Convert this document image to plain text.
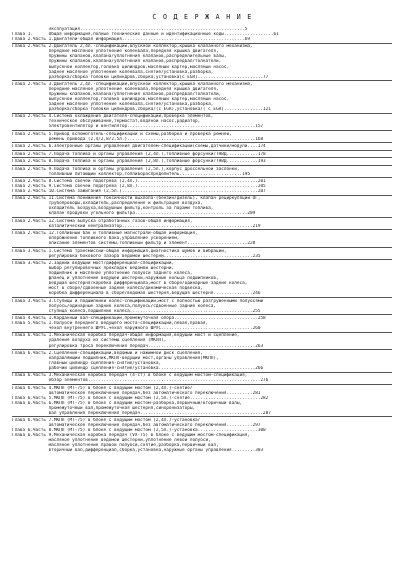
С О Д Е Р Ж А Н И Е
Эксплуатация...............................................................5
Глава 1.      Общая информация,полные технические данные и идентификационные коды...................61
Глава 2.Часть 1.Двигатели-общая информация...............................................69
Глава 2.Часть 2.Двигатель 2,4л.-спецификации,впускной коллектор,крышка клапанного механизма,
передние масляное уплотнение коленвала,передняя крышка двигателя,
пружины клапанов,клапана/уплотнения клапанов,распределительные валы,
пружины клапанов,клапана/уплотнения клапанов,распредвал/толкатели,
выпускной коллектор,головка цилиндров,масляный картер,масляный насос,
заднее масляное уплотнение коленвала,снятие/установка,разборка,
разборка/сборка головки цилиндров,сборка,установка(с EGR).........................77
Глава 2.Часть 3.Двигатель 2,4л.-спецификации,впускной коллектор,крышка клапанного механизма,
передние масляное уплотнение коленвала,передняя крышка двигателя,
пружины клапанов,клапана/уплотнения клапанов,распредвал/толкатели,
выпускной коллектор,головка цилиндров,масляный картер,масляный насос,
заднее масляное уплотнение коленвала,снятие/установка,разборка,
разборка/сборка головки цилиндров,сборка/(с EGR),установка/( с EGR)...............121
Глава 2.Часть 4.Система охлаждения двигателя-спецификации,проверка элементов,
техническое обслуживание,термостат,водяной насос,радиатор,
электровентилятор и вентилятор.................................................157
Глава 2.Часть 5.Привод вспомогатель-спецификации и схемы,разборка и проверка ремней,
ремень привода (2,4/2,8/2,5л.).................................................168
Глава 2.Часть 6.Электронные органы управления двигателем-спецификации(схемы,датчики/модули....174
Глава 2.Часть 7.Подача топлива и органы управления (2,4л.),топливные форсунки/ТНВД............178
Глава 2.Часть 8.Подача топлива и органы управления (2,8л.),топливные форсунки/ТНВД............193
Глава 2.Часть 9.Подача топлива и органы управления (2,5л.),корпус дроссельной заслонки,
топливный питающий коллектор,топливораспределитель........................195
Глава 2.Часть 8.Система свечей подогрева (2,4л.)..............................................201
Глава 2.Часть 9.Система свечей подогрева (2,8л.)..............................................205
Глава 2.Часть 10.Система зажигания (2,5л.)....................................................207
Глава 2.Часть 11.Система понижения токсичности выхлопа-(бензин/дизель), клапан рециркуляции ОГ,
трубопроводы,охладитель,распределение и фильтрация воздуха,
охладитель воздуха,воздушный фильтр,контроль за парами топлива,
клапан продувки угольного фильтра...........................................209
Глава 2.Часть 12.Система выпуска отработанных газов-общая информация,
каталитический нейтрализатор..................................................219
Глава 2.Часть 12.Топливный бак и топливные магистрали-общая информация,
опорожнение топливного бака,управление ускорением,
описание элементов системы,топливный фильтр и элемент.......................228
Глава 3.Часть 1.Система трансмиссии-общая информация,диагностика шумов и вибраций,
регулировка бокового зазора ведомой шестерни..................................235
Глава 3.Часть 2.Задний ведущий мост/дифференциал-спецификации,
выбор регулировочных прокладок ведомой шестерни,
подшипник и масляное уплотнение полуоси заднего колеса,
фланец и уплотнение ведущей шестерни,наружные кольца подшипников,
ведущая шестерня/коробка дифференциала,мост в сборе/одинарные задние колеса,
мост в сборе/сдвоенные задние колеса/динамическая подвеска,
коробка дифференциала в сборе/ведомая шестерня,ведущая шестерня...............246
Глава 3.Часть 3.Ступицы и подшипники колес-спецификации,мост с полностью разгруженными полуосями
полуось/одинарные задние колеса,полуось/сдвоенные задние колеса,
ступица колеса,подшипник колеса...............................................255
Глава 4.Часть 1.Карданный вал-спецификации,промежуточная опора................................258
Глава 5.Часть 1.Полуоси переднего ведущего моста-спецификации,левая,правая,
чехол внутреннего ШРУС,чехол наружного ШРУС...................................260
Глава 6.Часть 1.Механическая коробка передач-общая информация,ведущий мост и сцепление,
удаление воздуха из системы сцепления (МКПП),
регулировка троса переключения передач.........................................263
Глава 6.Часть 2.Сцепление-спецификации,ведомый и нажимной диск сцепления,
направляющий подшипник,МКПП-ведущий мост,органы управления(МКПП),
главный цилиндр сцепления-снятие/установка,
рабочий цилиндр сцепления-снятие/установка.....................................266
Глава 6.Часть 3.Механическая коробка передач (4-ст) в блоке с ведущим мостом-спецификация,
обзор элементов..................................................................276
Глава 6.Часть 4.МКПП (МТ-75) в блоке с ведущим мостом (2,4л.)-снятие/
автоматическое переключение передач,без автоматического переключения..........281
Глава 6.Часть 5.МКПП (МТ-75) в блоке с ведущим мостом (2,5л.)-снятие...........................282
Глава 6.Часть 6.МКПП (МТ-75) в блоке с ведущим мостом-разборка,первичный/вторичный валы,
промежуточный вал,промежуточная шестерня,синхронизаторы,
вал управления переключения передач...............................................287
Глава 6.Часть 7.МКПП (МТ-75) в блоке с ведущим мостом (2,4л.)-установка/
автоматическое переключение передач,без автоматического переключения..........297
Глава 6.Часть 8.МКПП (МТ-75) в блоке с ведущим мостом (2,5л.)-установка.......................300
Глава 6.Часть 9.Механическая коробка передач (VX-75) в блоке с ведущим мостом-спецификация,
масляное уплотнение ведомой шестерни,уплотнение левой полуоси,
масляное уплотнение правой полуоси,снятие,разборка,первичный вал,
вторичный вал,дифференциал,сборка,установка,наружные органы управления.........303
